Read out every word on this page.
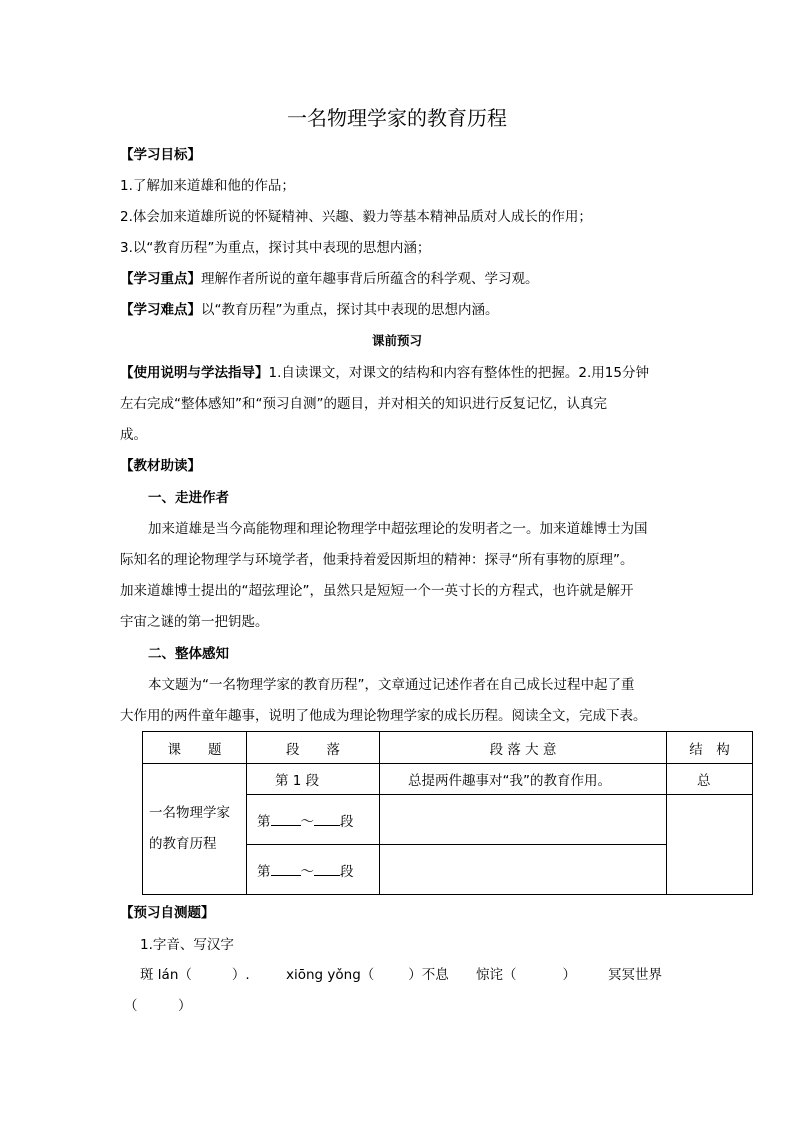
一名物理学家的教育历程
【学习目标】
1.了解加来道雄和他的作品；
2.体会加来道雄所说的怀疑精神、兴趣、毅力等基本精神品质对人成长的作用；
3.以“教育历程”为重点，探讨其中表现的思想内涵；
【学习重点】理解作者所说的童年趣事背后所蕴含的科学观、学习观。
【学习难点】以“教育历程”为重点，探讨其中表现的思想内涵。
课前预习
【使用说明与学法指导】1.自读课文，对课文的结构和内容有整体性的把握。2.用15分钟
左右完成“整体感知”和“预习自测”的题目，并对相关的知识进行反复记忆，认真完
成。
【教材助读】
一、走进作者
加来道雄是当今高能物理和理论物理学中超弦理论的发明者之一。加来道雄博士为国
际知名的理论物理学与环境学者，他秉持着爱因斯坦的精神：探寻“所有事物的原理”。
加来道雄博士提出的“超弦理论”，虽然只是短短一个一英寸长的方程式，也许就是解开
宇宙之谜的第一把钥匙。
二、整体感知
本文题为“一名物理学家的教育历程”，文章通过记述作者在自己成长过程中起了重
大作用的两件童年趣事，说明了他成为理论物理学家的成长历程。阅读全文，完成下表。
课　　题	段　　落	段 落 大 意	结　构

一名物理学家
的教育历程	第 1 段	总提两件趣事对“我”的教育作用。	总
	第 ～ 段		
	第 ～ 段		
【预习自测题】
1.字音、写汉字
斑 lán（	）.	xiōng yǒng（	）不息 惊诧（	） 冥冥世界
（　　　）
